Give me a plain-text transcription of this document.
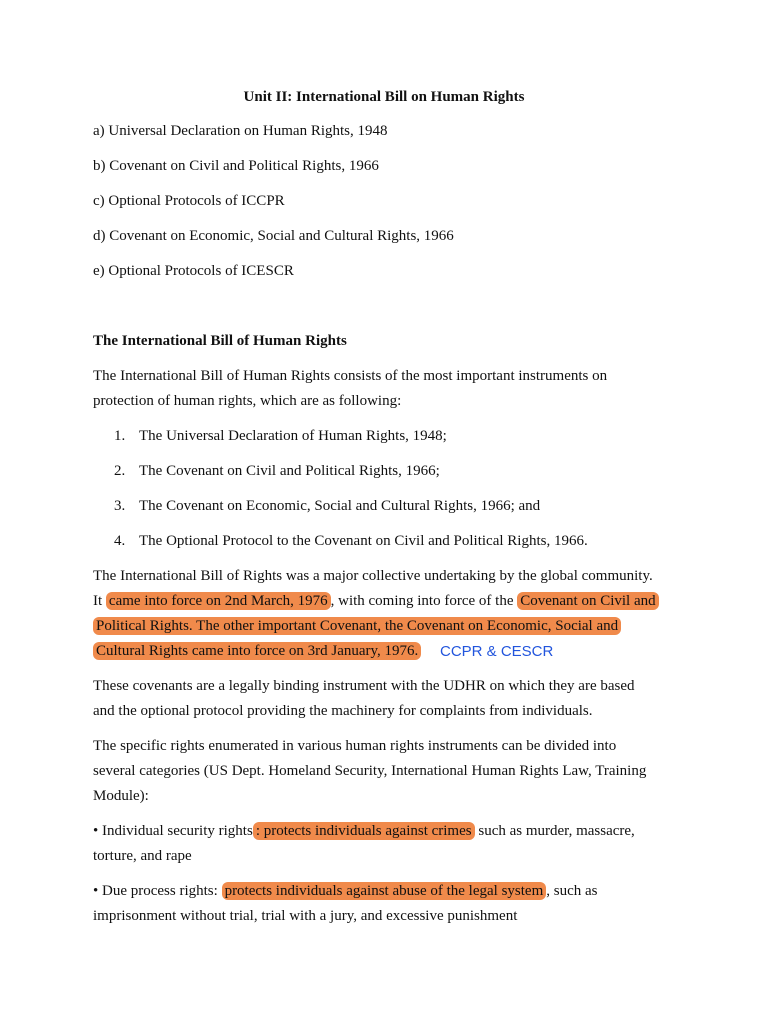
Unit II: International Bill on Human Rights

a) Universal Declaration on Human Rights, 1948

b) Covenant on Civil and Political Rights, 1966

c) Optional Protocols of ICCPR

d) Covenant on Economic, Social and Cultural Rights, 1966

e) Optional Protocols of ICESCR

The International Bill of Human Rights

The International Bill of Human Rights consists of the most important instruments on

protection of human rights, which are as following:

1. The Universal Declaration of Human Rights, 1948;
2. The Covenant on Civil and Political Rights, 1966;
3. The Covenant on Economic, Social and Cultural Rights, 1966; and
4. The Optional Protocol to the Covenant on Civil and Political Rights, 1966.

The International Bill of Rights was a major collective undertaking by the global community.

It came into force on 2nd March, 1976 , with coming into force of the Covenant on Civil and

Political Rights. The other important Covenant, the Covenant on Economic, Social and

Cultural Rights came into force on 3rd January, 1976. CCPR & CESCR

These covenants are a legally binding instrument with the UDHR on which they are based

and the optional protocol providing the machinery for complaints from individuals.

The specific rights enumerated in various human rights instruments can be divided into

several categories (US Dept. Homeland Security, International Human Rights Law, Training

Module):

• Individual security rights : protects individuals against crimes such as murder, massacre,

torture, and rape

• Due process rights: protects individuals against abuse of the legal system , such as

imprisonment without trial, trial with a jury, and excessive punishment
